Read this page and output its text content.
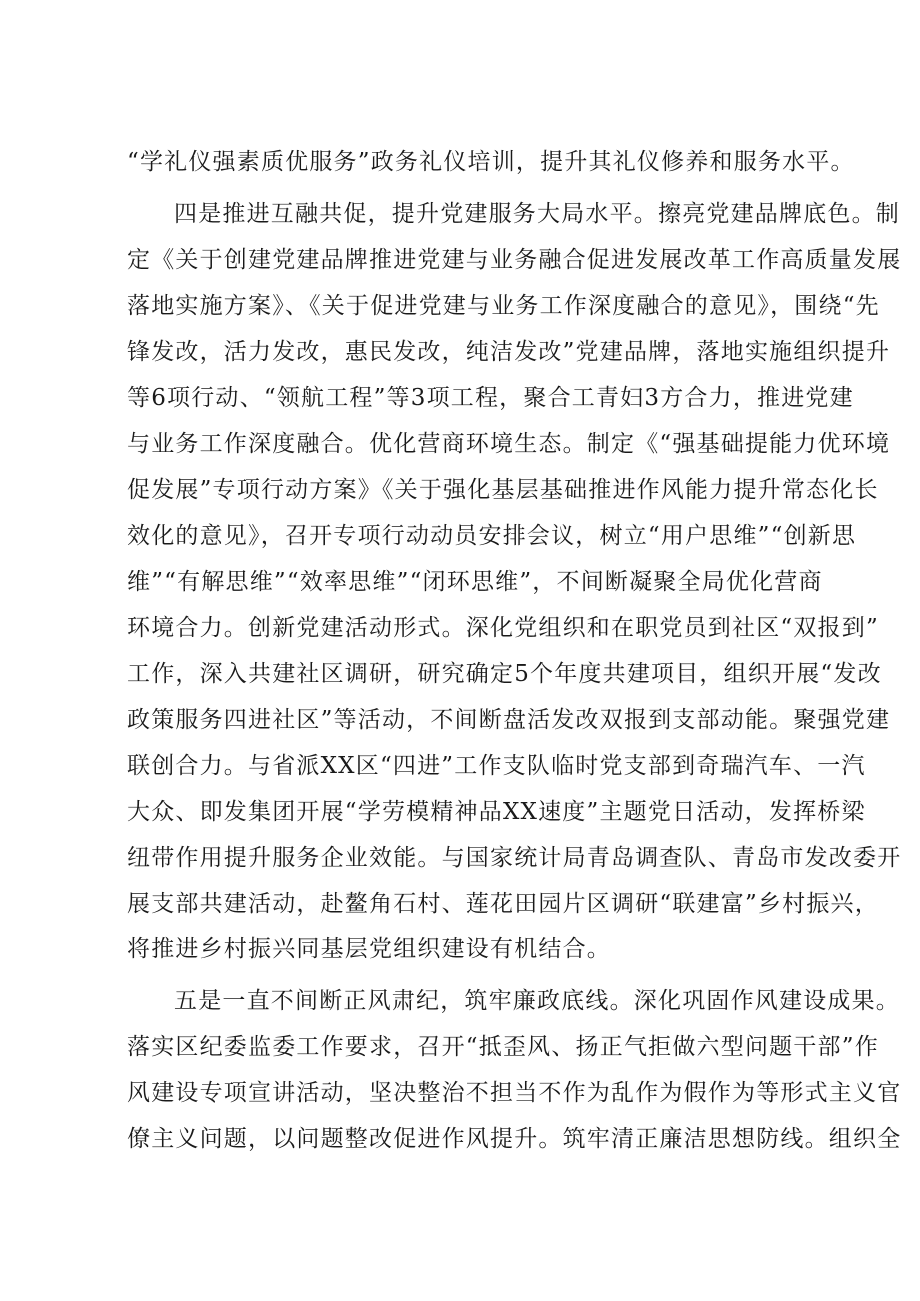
“学礼仪强素质优服务”政务礼仪培训，提升其礼仪修养和服务水平。
四是推进互融共促，提升党建服务大局水平。擦亮党建品牌底色。制
定《关于创建党建品牌推进党建与业务融合促进发展改革工作高质量发展
落地实施方案》、《关于促进党建与业务工作深度融合的意见》，围绕“先
锋发改，活力发改，惠民发改，纯洁发改”党建品牌，落地实施组织提升
等6项行动、“领航工程”等3项工程，聚合工青妇3方合力，推进党建
与业务工作深度融合。优化营商环境生态。制定《“强基础提能力优环境
促发展”专项行动方案》《关于强化基层基础推进作风能力提升常态化长
效化的意见》，召开专项行动动员安排会议，树立“用户思维”“创新思
维”“有解思维”“效率思维”“闭环思维”，不间断凝聚全局优化营商
环境合力。创新党建活动形式。深化党组织和在职党员到社区“双报到”
工作，深入共建社区调研，研究确定5个年度共建项目，组织开展“发改
政策服务四进社区”等活动，不间断盘活发改双报到支部动能。聚强党建
联创合力。与省派XX区“四进”工作支队临时党支部到奇瑞汽车、一汽
大众、即发集团开展“学劳模精神品XX速度”主题党日活动，发挥桥梁
纽带作用提升服务企业效能。与国家统计局青岛调查队、青岛市发改委开
展支部共建活动，赴鳌角石村、莲花田园片区调研“联建富”乡村振兴，
将推进乡村振兴同基层党组织建设有机结合。
五是一直不间断正风肃纪，筑牢廉政底线。深化巩固作风建设成果。
落实区纪委监委工作要求，召开“抵歪风、扬正气拒做六型问题干部”作
风建设专项宣讲活动，坚决整治不担当不作为乱作为假作为等形式主义官
僚主义问题，以问题整改促进作风提升。筑牢清正廉洁思想防线。组织全
